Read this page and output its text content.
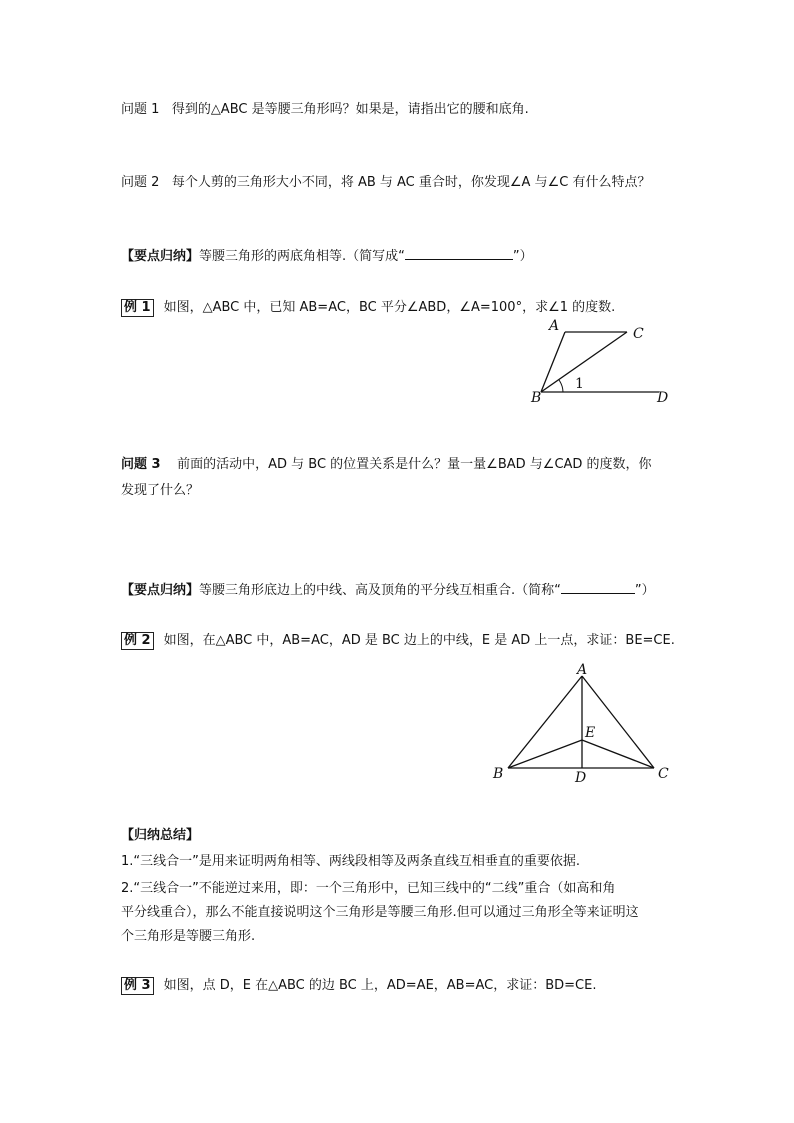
问题 1 得到的△ABC 是等腰三角形吗？如果是，请指出它的腰和底角.
问题 2 每个人剪的三角形大小不同，将 AB 与 AC 重合时，你发现∠A 与∠C 有什么特点？
【要点归纳】等腰三角形的两底角相等.（简写成“	”）
例 1 如图，△ABC 中，已知 AB=AC，BC 平分∠ABD，∠A=100°，求∠1 的度数.
A	C
B	D
1
问题 3 前面的活动中，AD 与 BC 的位置关系是什么？量一量∠BAD 与∠CAD 的度数，你
发现了什么？
【要点归纳】等腰三角形底边上的中线、高及顶角的平分线互相重合.（简称“	”）
例 2 如图，在△ABC 中，AB=AC，AD 是 BC 边上的中线，E 是 AD 上一点，求证：BE=CE.
A
E
B	D	C
【归纳总结】
1.“三线合一”是用来证明两角相等、两线段相等及两条直线互相垂直的重要依据.
2.“三线合一”不能逆过来用，即：一个三角形中，已知三线中的“二线”重合（如高和角
平分线重合），那么不能直接说明这个三角形是等腰三角形.但可以通过三角形全等来证明这
个三角形是等腰三角形.
例 3 如图，点 D，E 在△ABC 的边 BC 上，AD=AE，AB=AC，求证：BD=CE.
